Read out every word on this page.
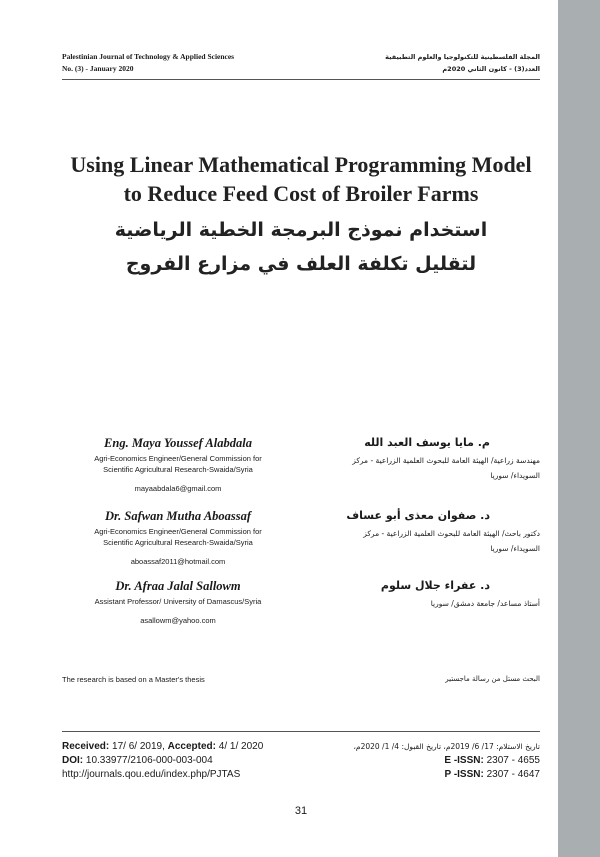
Palestinian Journal of Technology & Applied Sciences
No. (3) - January 2020
المجلة الفلسطينية للتكنولوجيا والعلوم التطبيقية
العدد(3) - كانون الثاني 2020م
Using Linear Mathematical Programming Model
to Reduce Feed Cost of Broiler Farms
استخدام نموذج البرمجة الخطية الرياضية
لتقليل تكلفة العلف في مزارع الفروج
Eng. Maya Youssef Alabdala
Agri-Economics Engineer/General Commission for
Scientific Agricultural Research-Swaida/Syria
mayaabdala6@gmail.com
Dr. Safwan Mutha Aboassaf
Agri-Economics Engineer/General Commission for
Scientific Agricultural Research-Swaida/Syria
aboassaf2011@hotmail.com
Dr. Afraa Jalal Sallowm
Assistant Professor/ University of Damascus/Syria
asallowm@yahoo.com
م. مايا يوسف العبد الله
مهندسة زراعية/ الهيئة العامة للبحوث العلمية الزراعية - مركز
السويداء/ سوريا
د. صفوان معذى أبو عساف
دكتور باحث/ الهيئة العامة للبحوث العلمية الزراعية - مركز
السويداء/ سوريا
د. عفراء جلال سلوم
أستاذ مساعد/ جامعة دمشق/ سوريا
The research is based on a Master's thesis	البحث مستل من رسالة ماجستير
Received: 17/ 6/ 2019, Accepted: 4/ 1/ 2020
DOI: 10.33977/2106-000-003-004
http://journals.qou.edu/index.php/PJTAS
تاريخ الاستلام: 17/ 6/ 2019م، تاريخ القبول: 4/ 1/ 2020م،
E -ISSN: 2307 - 4655
P -ISSN: 2307 - 4647
31
